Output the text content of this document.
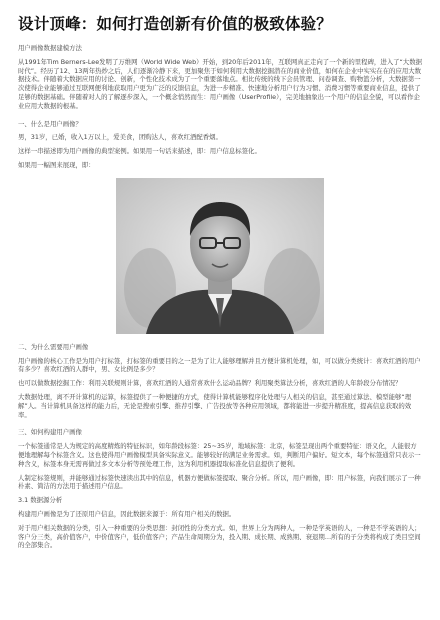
设计顶峰：如何打造创新有价值的极致体验？

用户画像数据建模方法

从1991年Tim Berners-Lee发明了万维网（World Wide Web）开始，到20年后2011年，互联网真正走向了一个新的里程碑，进入了“大数据时代”。经历了12、13两年热炒之后，人们逐渐冷静下来，更加聚焦于如何利用大数据挖掘潜在的商业价值，如何在企业中实实在在的应用大数据技术。伴随着大数据应用的讨论、创新，个性化技术成为了一个重要落地点。相比传统的线下会员管理、问卷调查、购物篮分析，大数据第一次使得企业能够通过互联网便利地获取用户更为广泛的反馈信息，为进一步精准、快速地分析用户行为习惯、消费习惯等重要商业信息，提供了足够的数据基础。伴随着对人的了解逐步深入，一个概念悄然而生：用户画像（UserProfile），完美地抽象出一个用户的信息全貌，可以看作企业应用大数据的根基。

一、什么是用户画像？

男，31岁，已婚，收入1万以上，爱美食，团购达人，喜欢红酒配香烟。

这样一串描述即为用户画像的典型案例。如果用一句话来描述，即：用户信息标签化。

如果用一幅图来展现，即：

二、为什么需要用户画像

用户画像的核心工作是为用户打标签，打标签的重要目的之一是为了让人能够理解并且方便计算机处理，如，可以做分类统计：喜欢红酒的用户有多少？喜欢红酒的人群中，男、女比例是多少？

也可以做数据挖掘工作：利用关联规则计算，喜欢红酒的人通常喜欢什么运动品牌？利用聚类算法分析，喜欢红酒的人年龄段分布情况？

大数据处理，离不开计算机的运算，标签提供了一种便捷的方式，使得计算机能够程序化处理与人相关的信息，甚至通过算法、模型能够“理解”人。当计算机具备这样的能力后，无论是搜索引擎、推荐引擎、广告投放等各种应用领域，都将能进一步提升精准度，提高信息获取的效率。

三、如何构建用户画像

一个标签通常是人为规定的高度精炼的特征标识，如年龄段标签：25~35岁，地域标签：北京，标签呈现出两个重要特征：语义化，人能很方便地理解每个标签含义。这也使得用户画像模型具备实际意义。能够较好的满足业务需求。如，判断用户偏好。短文本，每个标签通常只表示一种含义，标签本身无需再做过多文本分析等预处理工作，这为利用机器提取标准化信息提供了便利。

人制定标签规则，并能够通过标签快速读出其中的信息，机器方便做标签提取、聚合分析。所以，用户画像，即：用户标签，向我们展示了一种朴素、简洁的方法用于描述用户信息。

3.1 数据源分析

构建用户画像是为了还原用户信息，因此数据来源于：所有用户相关的数据。

对于用户相关数据的分类，引入一种重要的分类思想：封闭性的分类方式。如，世界上分为两种人，一种是学英语的人，一种是不学英语的人；客户分三类，高价值客户，中价值客户，低价值客户；产品生命周期分为，投入期、成长期、成熟期、衰退期…所有的子分类将构成了类目空间的全部集合。
